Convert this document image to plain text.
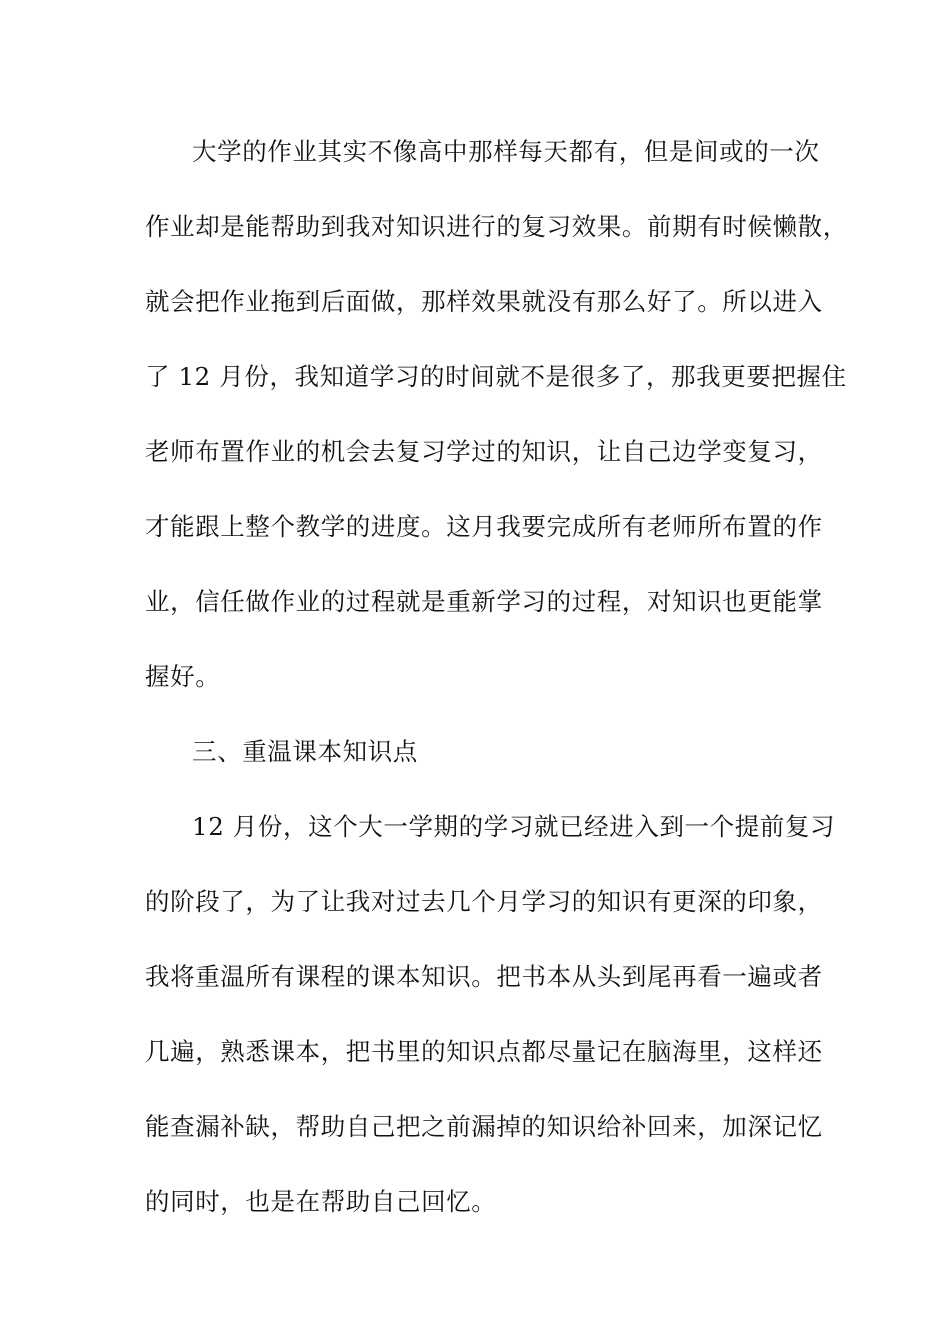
大学的作业其实不像高中那样每天都有，但是间或的一次
作业却是能帮助到我对知识进行的复习效果。前期有时候懒散，
就会把作业拖到后面做，那样效果就没有那么好了。所以进入
了 12 月份，我知道学习的时间就不是很多了，那我更要把握住
老师布置作业的机会去复习学过的知识，让自己边学变复习，
才能跟上整个教学的进度。这月我要完成所有老师所布置的作
业，信任做作业的过程就是重新学习的过程，对知识也更能掌
握好。
三、重温课本知识点
12 月份，这个大一学期的学习就已经进入到一个提前复习
的阶段了，为了让我对过去几个月学习的知识有更深的印象，
我将重温所有课程的课本知识。把书本从头到尾再看一遍或者
几遍，熟悉课本，把书里的知识点都尽量记在脑海里，这样还
能查漏补缺，帮助自己把之前漏掉的知识给补回来，加深记忆
的同时，也是在帮助自己回忆。
